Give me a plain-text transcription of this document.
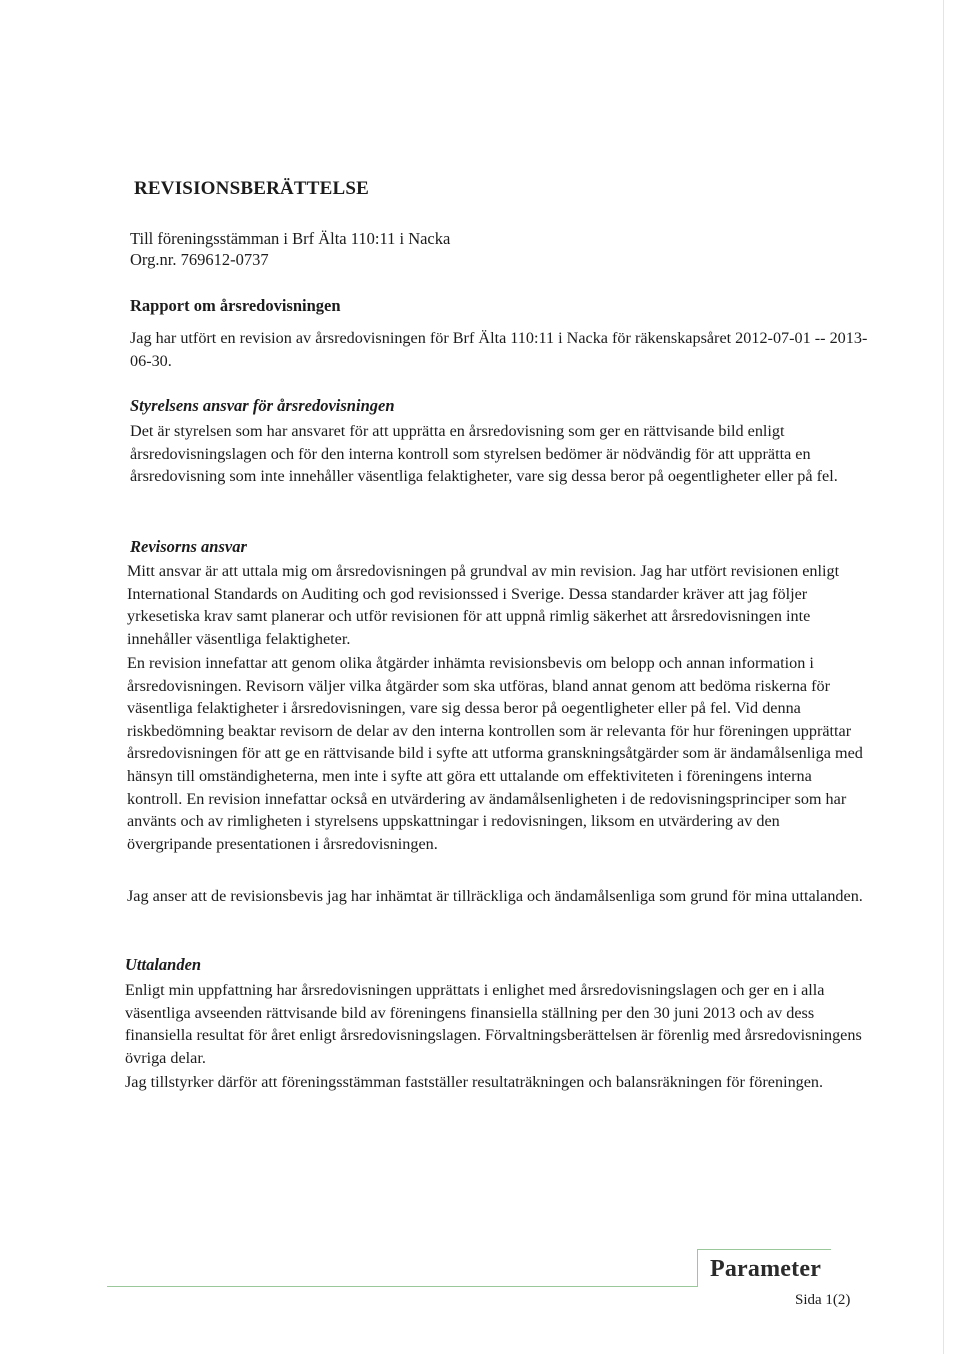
REVISIONSBERÄTTELSE
Till föreningsstämman i Brf Älta 110:11 i Nacka
Org.nr. 769612-0737
Rapport om årsredovisningen

Jag har utfört en revision av årsredovisningen för Brf Älta 110:11 i Nacka för räkenskapsåret 2012-07-01 -- 2013-06-30.

Styrelsens ansvar för årsredovisningen

Det är styrelsen som har ansvaret för att upprätta en årsredovisning som ger en rättvisande bild enligt årsredovisningslagen och för den interna kontroll som styrelsen bedömer är nödvändig för att upprätta en årsredovisning som inte innehåller väsentliga felaktigheter, vare sig dessa beror på oegentligheter eller på fel.

Revisorns ansvar

Mitt ansvar är att uttala mig om årsredovisningen på grundval av min revision. Jag har utfört revisionen enligt International Standards on Auditing och god revisionssed i Sverige. Dessa standarder kräver att jag följer yrkesetiska krav samt planerar och utför revisionen för att uppnå rimlig säkerhet att årsredovisningen inte innehåller väsentliga felaktigheter.

En revision innefattar att genom olika åtgärder inhämta revisionsbevis om belopp och annan information i årsredovisningen. Revisorn väljer vilka åtgärder som ska utföras, bland annat genom att bedöma riskerna för väsentliga felaktigheter i årsredovisningen, vare sig dessa beror på oegentligheter eller på fel. Vid denna riskbedömning beaktar revisorn de delar av den interna kontrollen som är relevanta för hur föreningen upprättar årsredovisningen för att ge en rättvisande bild i syfte att utforma granskningsåtgärder som är ändamålsenliga med hänsyn till omständigheterna, men inte i syfte att göra ett uttalande om effektiviteten i föreningens interna kontroll. En revision innefattar också en utvärdering av ändamålsenligheten i de redovisningsprinciper som har använts och av rimligheten i styrelsens uppskattningar i redovisningen, liksom en utvärdering av den övergripande presentationen i årsredovisningen.

Jag anser att de revisionsbevis jag har inhämtat är tillräckliga och ändamålsenliga som grund för mina uttalanden.

Uttalanden

Enligt min uppfattning har årsredovisningen upprättats i enlighet med årsredovisningslagen och ger en i alla väsentliga avseenden rättvisande bild av föreningens finansiella ställning per den 30 juni 2013 och av dess finansiella resultat för året enligt årsredovisningslagen. Förvaltningsberättelsen är förenlig med årsredovisningens övriga delar.

Jag tillstyrker därför att föreningsstämman fastställer resultaträkningen och balansräkningen för föreningen.

Parameter
Sida 1(2)
